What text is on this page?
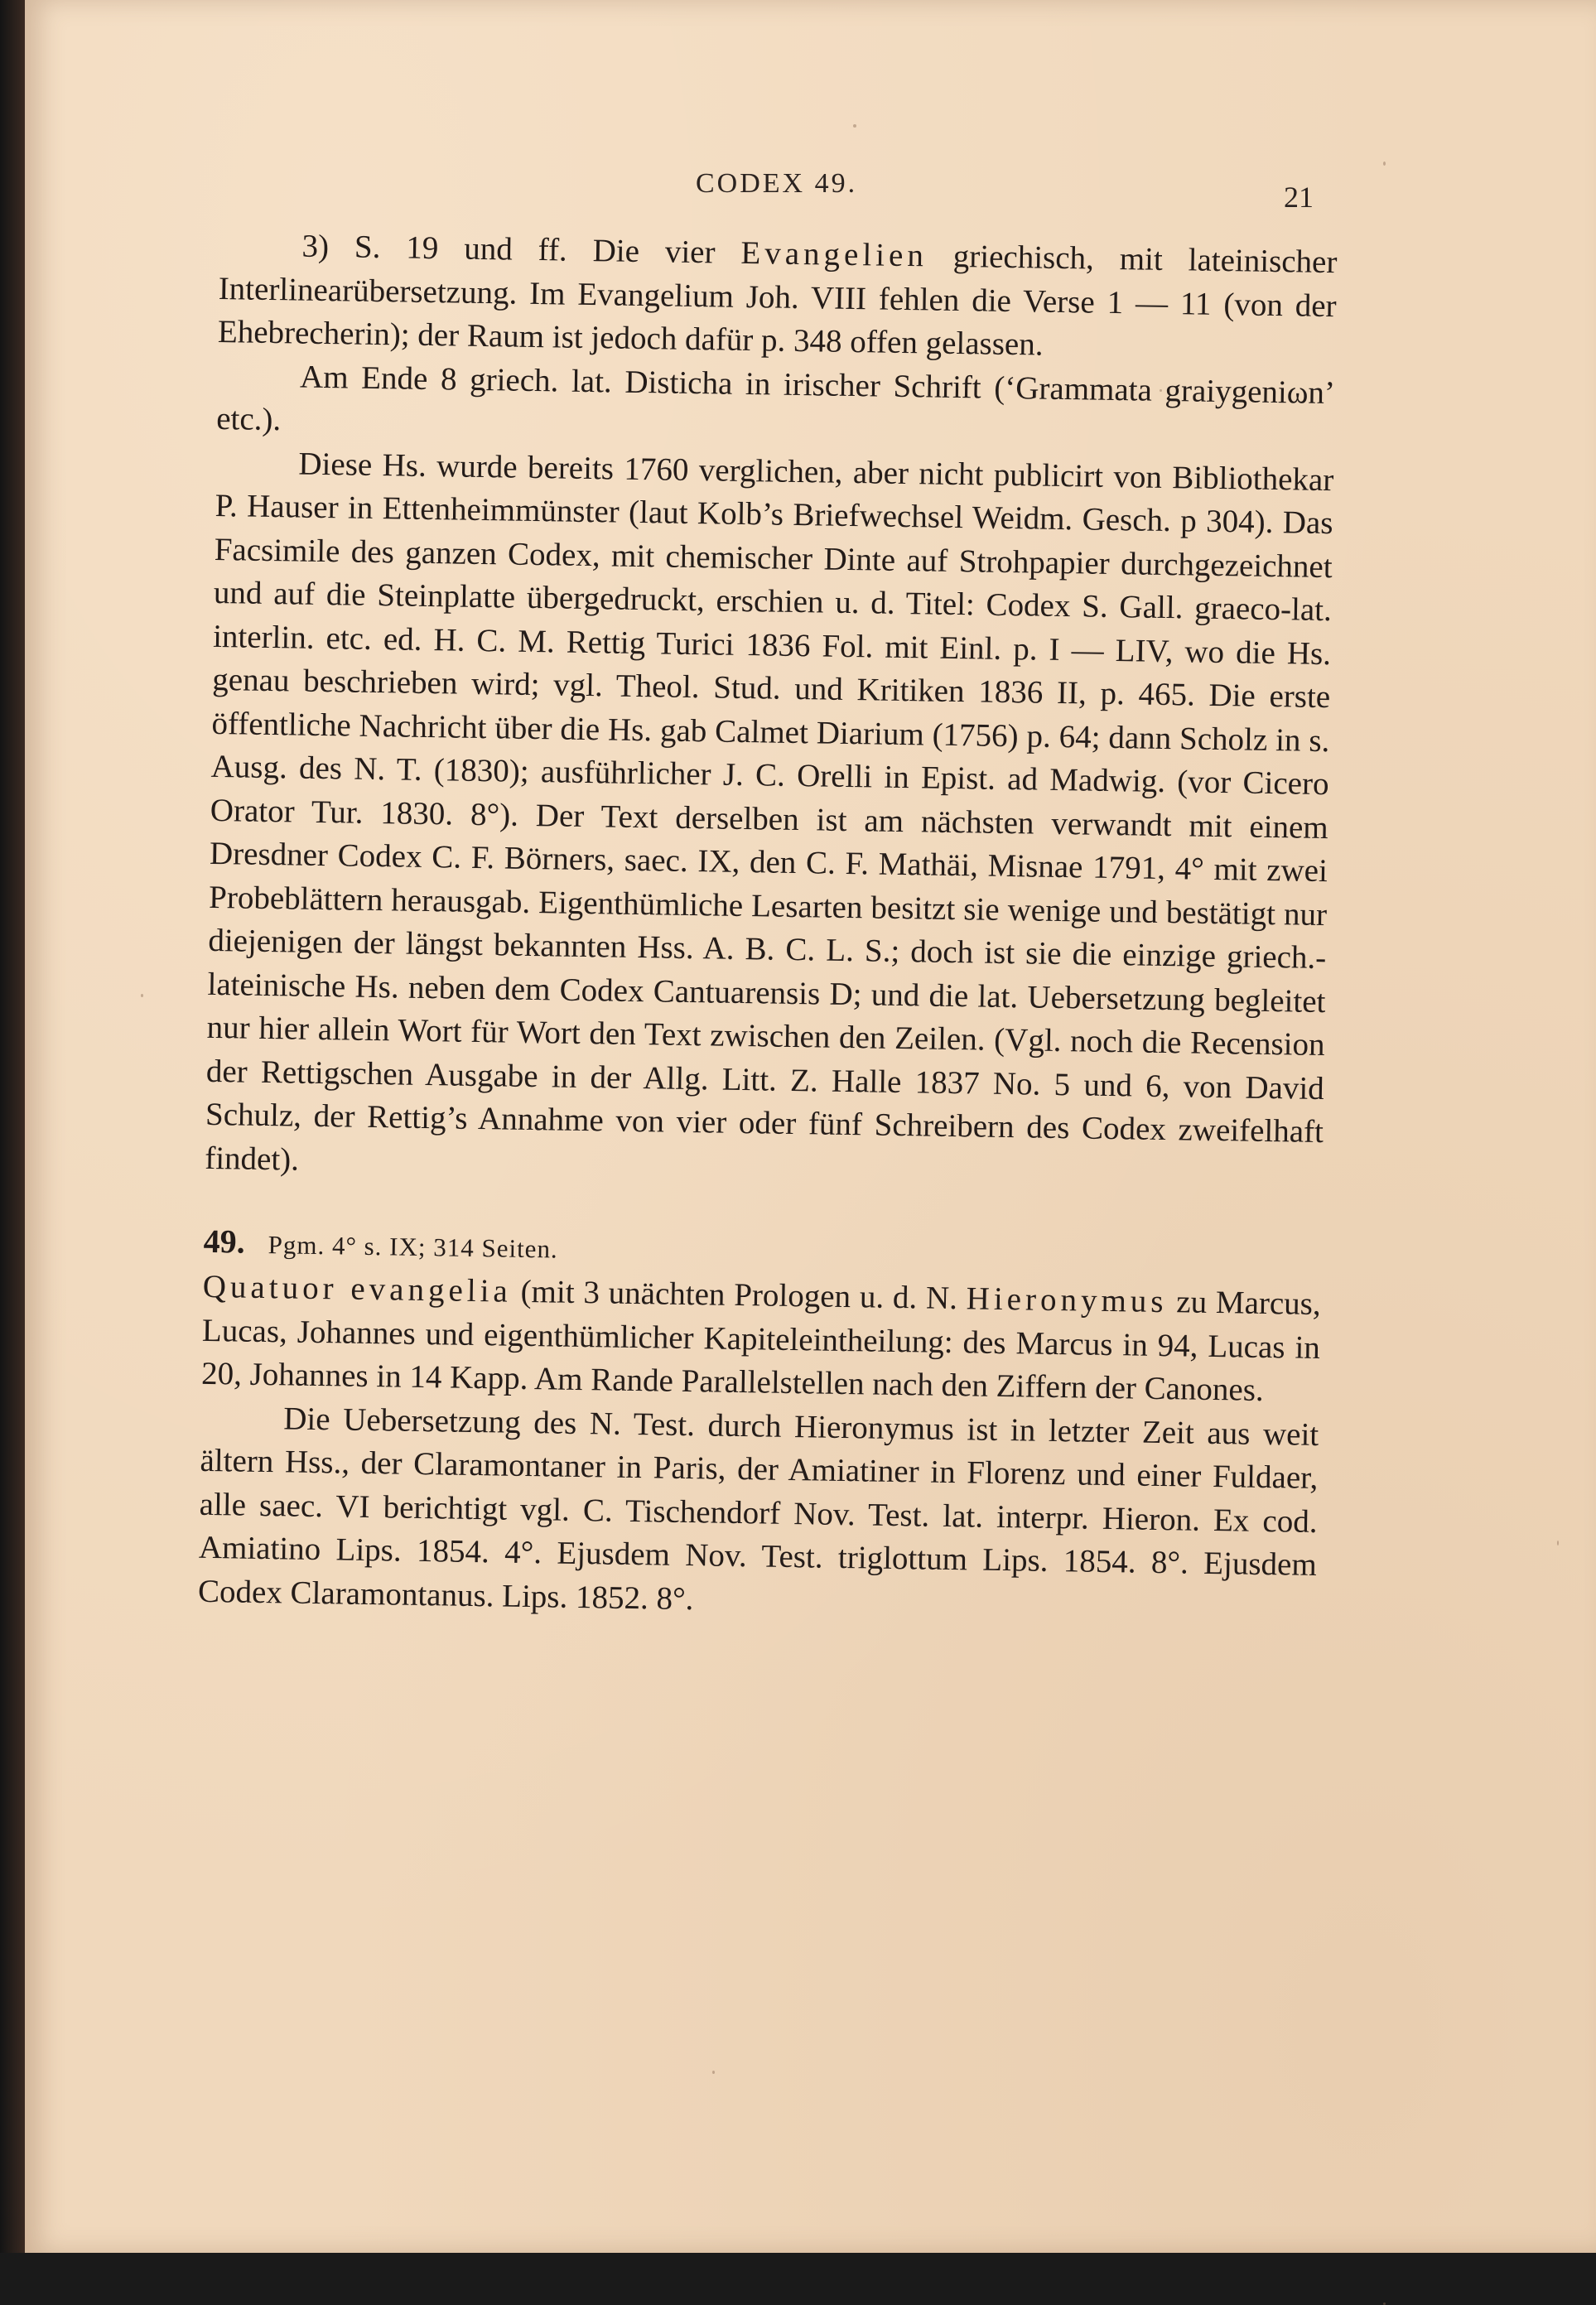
CODEX 49.	21

3) S. 19 und ff. Die vier Evangelien griechisch, mit lateinischer Interlinearübersetzung. Im Evangelium Joh. VIII fehlen die Verse 1 — 11 (von der Ehebrecherin); der Raum ist jedoch dafür p. 348 offen gelassen.

Am Ende 8 griech. lat. Disticha in irischer Schrift (‘Grammata graiygeniωn’ etc.).

Diese Hs. wurde bereits 1760 verglichen, aber nicht publicirt von Bibliothekar P. Hauser in Ettenheimmünster (laut Kolb’s Briefwechsel Weidm. Gesch. p 304). Das Facsimile des ganzen Codex, mit chemischer Dinte auf Strohpapier durchgezeichnet und auf die Steinplatte übergedruckt, erschien u. d. Titel: Codex S. Gall. graeco-lat. interlin. etc. ed. H. C. M. Rettig Turici 1836 Fol. mit Einl. p. I — LIV, wo die Hs. genau beschrieben wird; vgl. Theol. Stud. und Kritiken 1836 II, p. 465. Die erste öffentliche Nachricht über die Hs. gab Calmet Diarium (1756) p. 64; dann Scholz in s. Ausg. des N. T. (1830); ausführlicher J. C. Orelli in Epist. ad Madwig. (vor Cicero Orator Tur. 1830. 8°). Der Text derselben ist am nächsten verwandt mit einem Dresdner Codex C. F. Börners, saec. IX, den C. F. Mathäi, Misnae 1791, 4° mit zwei Probeblättern herausgab. Eigenthümliche Lesarten besitzt sie wenige und bestätigt nur diejenigen der längst bekannten Hss. A. B. C. L. S.; doch ist sie die einzige griech.-lateinische Hs. neben dem Codex Cantuarensis D; und die lat. Uebersetzung begleitet nur hier allein Wort für Wort den Text zwischen den Zeilen. (Vgl. noch die Recension der Rettigschen Ausgabe in der Allg. Litt. Z. Halle 1837 No. 5 und 6, von David Schulz, der Rettig’s Annahme von vier oder fünf Schreibern des Codex zweifelhaft findet).

49. Pgm. 4° s. IX; 314 Seiten.

Quatuor evangelia (mit 3 unächten Prologen u. d. N. Hieronymus zu Marcus, Lucas, Johannes und eigenthümlicher Kapiteleintheilung: des Marcus in 94, Lucas in 20, Johannes in 14 Kapp. Am Rande Parallelstellen nach den Ziffern der Canones.

Die Uebersetzung des N. Test. durch Hieronymus ist in letzter Zeit aus weit ältern Hss., der Claramontaner in Paris, der Amiatiner in Florenz und einer Fuldaer, alle saec. VI berichtigt vgl. C. Tischendorf Nov. Test. lat. interpr. Hieron. Ex cod. Amiatino Lips. 1854. 4°. Ejusdem Nov. Test. triglottum Lips. 1854. 8°. Ejusdem Codex Claramontanus. Lips. 1852. 8°.
